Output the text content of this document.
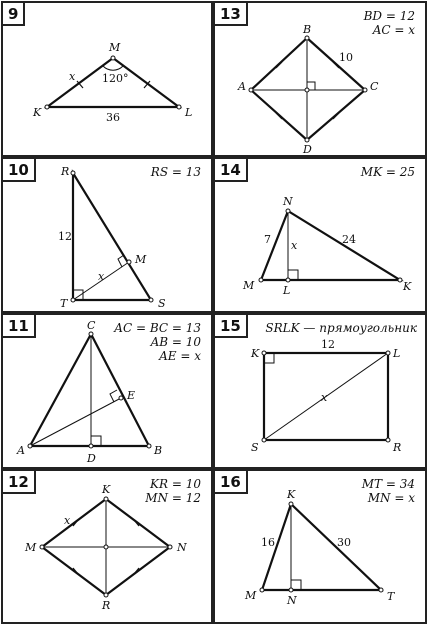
9
M
K	L
x 120°
36
13	BD = 12
AC = x
B
C
D
A
10
10	RS = 13
R
T	S
M
12
x
14	MK = 25
N
M	K
L
7	24
x
11	AC = BC = 13
AB = 10
AE = x
C
A	B
D
E
15	SRLK — прямоугольник
K	L
S	R
12
x
12	KR = 10
MN = 12
K
N
R
M
x
16	MT = 34
MN = x
K
M	T
N
16	30
